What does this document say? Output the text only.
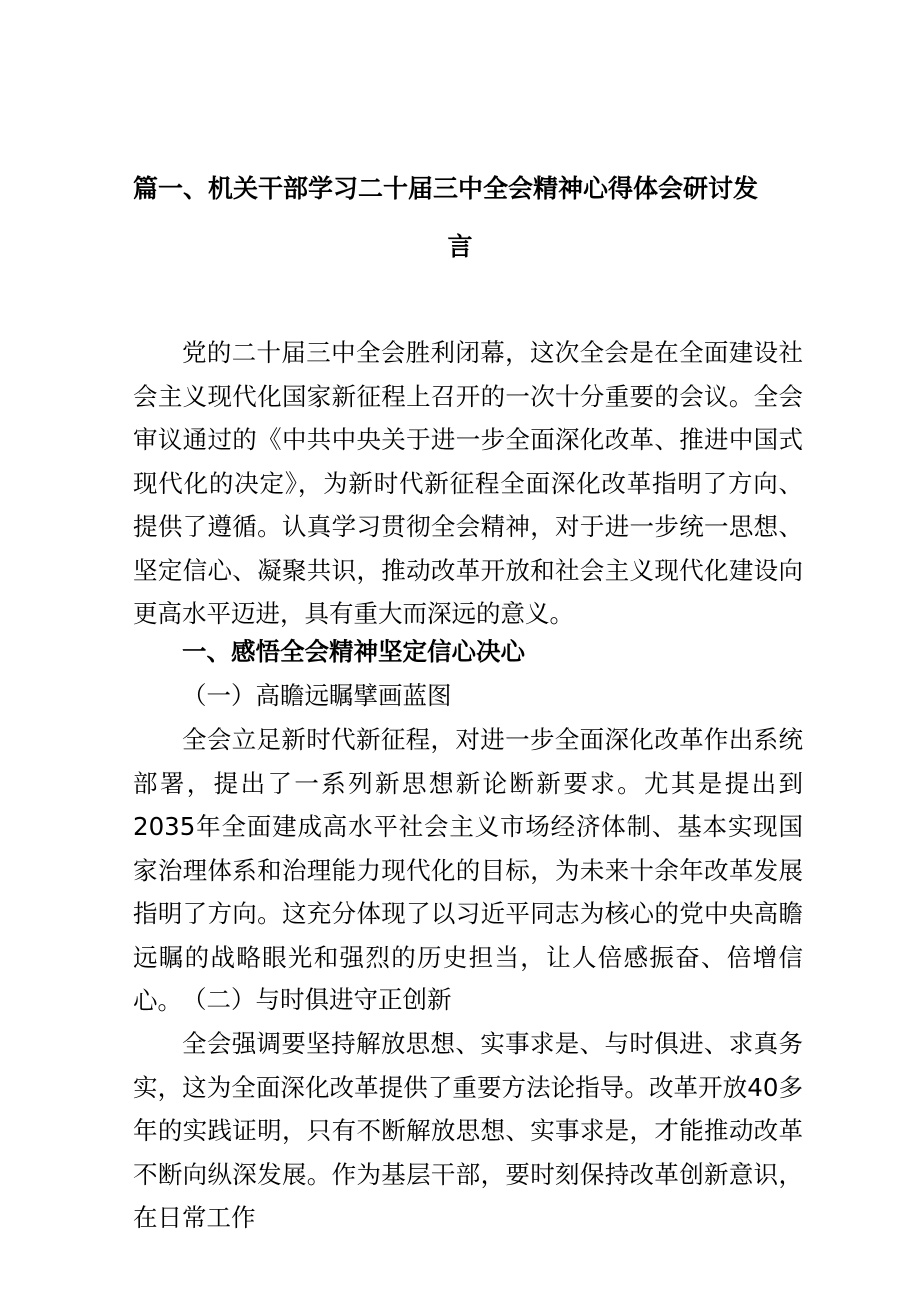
篇一、机关干部学习二十届三中全会精神心得体会研讨发
言

党的二十届三中全会胜利闭幕，这次全会是在全面建设社会主义现代化国家新征程上召开的一次十分重要的会议。全会审议通过的《中共中央关于进一步全面深化改革、推进中国式现代化的决定》，为新时代新征程全面深化改革指明了方向、提供了遵循。认真学习贯彻全会精神，对于进一步统一思想、坚定信心、凝聚共识，推动改革开放和社会主义现代化建设向更高水平迈进，具有重大而深远的意义。

一、感悟全会精神坚定信心决心

（一）高瞻远瞩擘画蓝图

全会立足新时代新征程，对进一步全面深化改革作出系统部署，提出了一系列新思想新论断新要求。尤其是提出到2035年全面建成高水平社会主义市场经济体制、基本实现国家治理体系和治理能力现代化的目标，为未来十余年改革发展指明了方向。这充分体现了以习近平同志为核心的党中央高瞻远瞩的战略眼光和强烈的历史担当，让人倍感振奋、倍增信心。 （二）与时俱进守正创新

全会强调要坚持解放思想、实事求是、与时俱进、求真务实，这为全面深化改革提供了重要方法论指导。改革开放40多年的实践证明，只有不断解放思想、实事求是，才能推动改革不断向纵深发展。作为基层干部，要时刻保持改革创新意识，在日常工作
